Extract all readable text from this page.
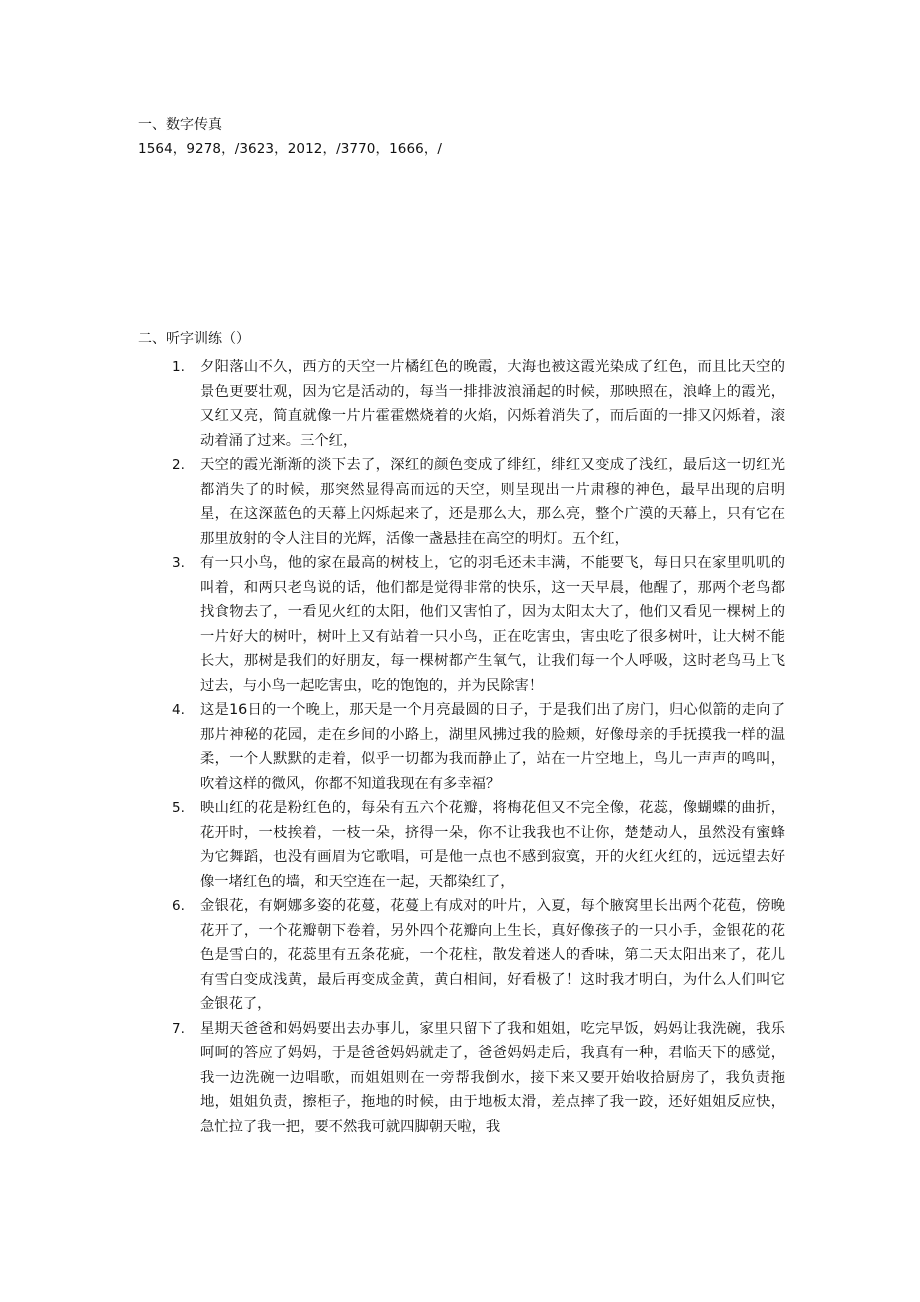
一、数字传真
1564，9278，/3623，2012，/3770，1666，/
二、听字训练（）
1. 夕阳落山不久，西方的天空一片橘红色的晚霞，大海也被这霞光染成了红色，而且比天空的景色更要壮观，因为它是活动的，每当一排排波浪涌起的时候，那映照在，浪峰上的霞光，又红又亮，简直就像一片片霍霍燃烧着的火焰，闪烁着消失了，而后面的一排又闪烁着，滚动着涌了过来。三个红，
2. 天空的霞光渐渐的淡下去了，深红的颜色变成了绯红，绯红又变成了浅红，最后这一切红光都消失了的时候，那突然显得高而远的天空，则呈现出一片肃穆的神色，最早出现的启明星，在这深蓝色的天幕上闪烁起来了，还是那么大，那么亮，整个广漠的天幕上，只有它在那里放射的令人注目的光辉，活像一盏悬挂在高空的明灯。五个红，
3. 有一只小鸟，他的家在最高的树枝上，它的羽毛还未丰满，不能要飞，每日只在家里叽叽的叫着，和两只老鸟说的话，他们都是觉得非常的快乐，这一天早晨，他醒了，那两个老鸟都找食物去了，一看见火红的太阳，他们又害怕了，因为太阳太大了，他们又看见一棵树上的一片好大的树叶，树叶上又有站着一只小鸟，正在吃害虫，害虫吃了很多树叶，让大树不能长大，那树是我们的好朋友，每一棵树都产生氧气，让我们每一个人呼吸，这时老鸟马上飞过去，与小鸟一起吃害虫，吃的饱饱的，并为民除害！
4. 这是16日的一个晚上，那天是一个月亮最圆的日子，于是我们出了房门，归心似箭的走向了那片神秘的花园，走在乡间的小路上，湖里风拂过我的脸颊，好像母亲的手抚摸我一样的温柔，一个人默默的走着，似乎一切都为我而静止了，站在一片空地上，鸟儿一声声的鸣叫，吹着这样的微风，你都不知道我现在有多幸福？
5. 映山红的花是粉红色的，每朵有五六个花瓣，将梅花但又不完全像，花蕊，像蝴蝶的曲折，花开时，一枝挨着，一枝一朵，挤得一朵，你不让我我也不让你，楚楚动人，虽然没有蜜蜂为它舞蹈，也没有画眉为它歌唱，可是他一点也不感到寂寞，开的火红火红的，远远望去好像一堵红色的墙，和天空连在一起，天都染红了，
6. 金银花，有婀娜多姿的花蔓，花蔓上有成对的叶片，入夏，每个腋窝里长出两个花苞，傍晚花开了，一个花瓣朝下卷着，另外四个花瓣向上生长，真好像孩子的一只小手，金银花的花色是雪白的，花蕊里有五条花疵，一个花柱，散发着迷人的香味，第二天太阳出来了，花儿有雪白变成浅黄，最后再变成金黄，黄白相间，好看极了！这时我才明白，为什么人们叫它金银花了，
7. 星期天爸爸和妈妈要出去办事儿，家里只留下了我和姐姐，吃完早饭，妈妈让我洗碗，我乐呵呵的答应了妈妈，于是爸爸妈妈就走了，爸爸妈妈走后，我真有一种，君临天下的感觉，我一边洗碗一边唱歌，而姐姐则在一旁帮我倒水，接下来又要开始收拾厨房了，我负责拖地，姐姐负责，擦柜子，拖地的时候，由于地板太滑，差点摔了我一跤，还好姐姐反应快，急忙拉了我一把，要不然我可就四脚朝天啦，我
